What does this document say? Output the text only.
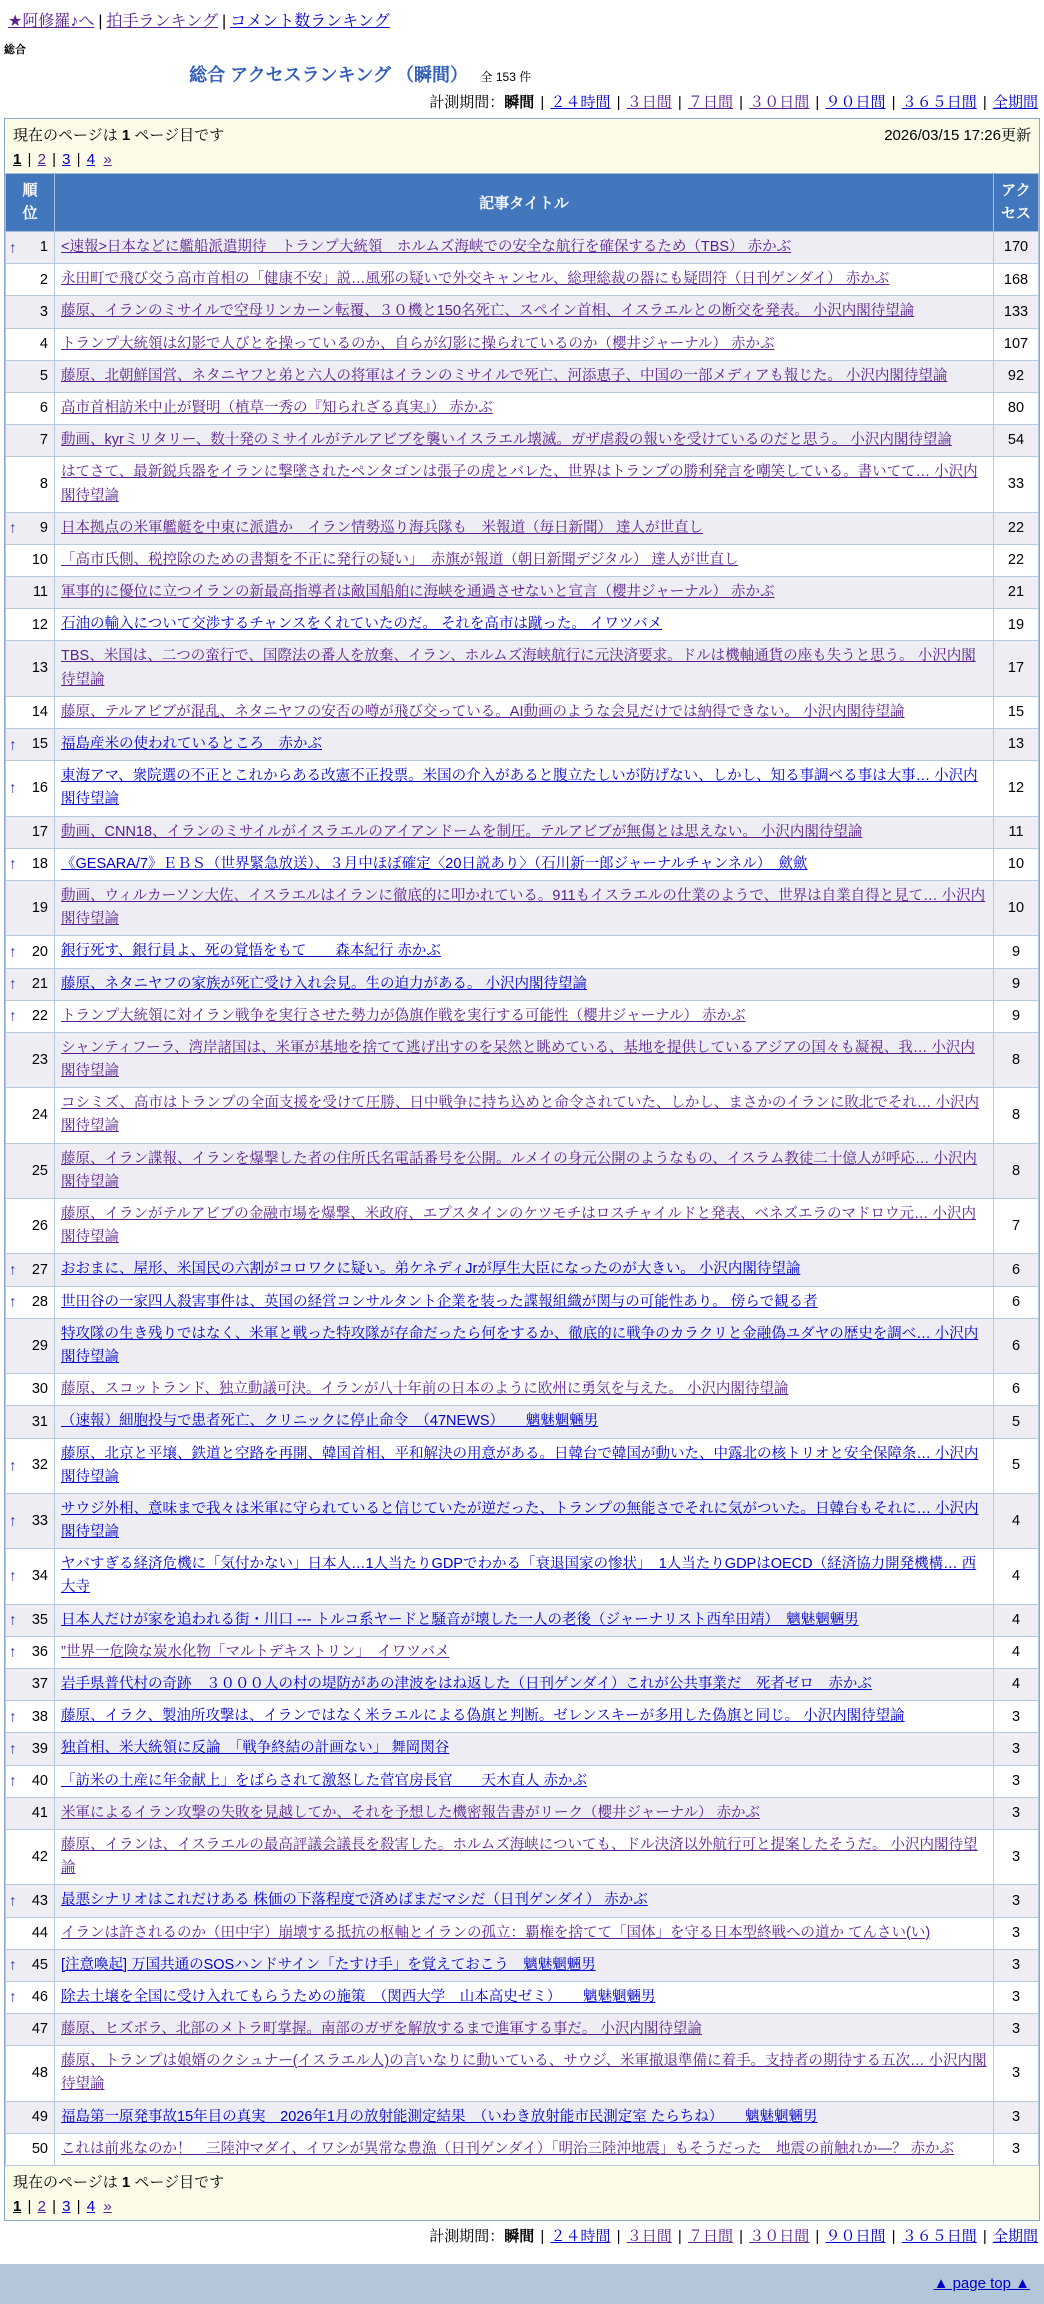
★阿修羅♪へ | 拍手ランキング | コメント数ランキング
総合
総合 アクセスランキング （瞬間） 全 153 件
計測期間：瞬間 | ２４時間 | ３日間 | ７日間 | ３０日間 | ９０日間 | ３６５日間 | 全期間
現在のページは 1 ページ目です	2026/03/15 17:26更新
1 | 2 | 3 | 4 »
順位	記事タイトル	アクセス

↑ 1	<速報>日本などに艦船派遣期待　トランプ大統領　ホルムズ海峡での安全な航行を確保するため（TBS） 赤かぶ	170
2	永田町で飛び交う高市首相の「健康不安」説…風邪の疑いで外交キャンセル、総理総裁の器にも疑問符（日刊ゲンダイ） 赤かぶ	168
3	藤原、イランのミサイルで空母リンカーン転覆、３０機と150名死亡、スペイン首相、イスラエルとの断交を発表。 小沢内閣待望論	133
4	トランプ大統領は幻影で人びとを操っているのか、自らが幻影に操られているのか（櫻井ジャーナル） 赤かぶ	107
5	藤原、北朝鮮国営、ネタニヤフと弟と六人の将軍はイランのミサイルで死亡、河添恵子、中国の一部メディアも報じた。 小沢内閣待望論	92
6	高市首相訪米中止が賢明（植草一秀の『知られざる真実』） 赤かぶ	80
7	動画、kyrミリタリー、数十発のミサイルがテルアビブを襲いイスラエル壊滅。ガザ虐殺の報いを受けているのだと思う。 小沢内閣待望論	54
8	はてさて、最新鋭兵器をイランに撃墜されたペンタゴンは張子の虎とバレた、世界はトランプの勝利発言を嘲笑している。書いてて… 小沢内閣待望論	33

↑ 9	日本拠点の米軍艦艇を中東に派遣か　イラン情勢巡り海兵隊も　米報道（毎日新聞） 達人が世直し	22
10	「高市氏側、税控除のための書類を不正に発行の疑い」　赤旗が報道（朝日新聞デジタル） 達人が世直し	22
11	軍事的に優位に立つイランの新最高指導者は敵国船舶に海峡を通過させないと宣言（櫻井ジャーナル） 赤かぶ	21
12	石油の輸入について交渉するチャンスをくれていたのだ。 それを高市は蹴った。 イワツバメ	19
13	TBS、米国は、二つの蛮行で、国際法の番人を放棄、イラン、ホルムズ海峡航行に元決済要求。ドルは機軸通貨の座も失うと思う。 小沢内閣待望論	17
14	藤原、テルアビブが混乱、ネタニヤフの安否の噂が飛び交っている。AI動画のような会見だけでは納得できない。 小沢内閣待望論	15

↑ 15	福島産米の使われているところ　赤かぶ	13

↑ 16	東海アマ、衆院選の不正とこれからある改憲不正投票。米国の介入があると腹立たしいが防げない、しかし、知る事調べる事は大事… 小沢内閣待望論	12
17	動画、CNN18、イランのミサイルがイスラエルのアイアンドームを制圧。テルアビブが無傷とは思えない。 小沢内閣待望論	11

↑ 18	《GESARA/7》ＥＢＳ（世界緊急放送）、３月中ほぼ確定〈20日説あり〉（石川新一郎ジャーナルチャンネル）　歛歛	10
19	動画、ウィルカーソン大佐、イスラエルはイランに徹底的に叩かれている。911もイスラエルの仕業のようで、世界は自業自得と見て… 小沢内閣待望論	10

↑ 20	銀行死す、銀行員よ、死の覚悟をもて　　森本紀行 赤かぶ	9

↑ 21	藤原、ネタニヤフの家族が死亡受け入れ会見。生の迫力がある。 小沢内閣待望論	9

↑ 22	トランプ大統領に対イラン戦争を実行させた勢力が偽旗作戦を実行する可能性（櫻井ジャーナル） 赤かぶ	9
23	シャンティフーラ、湾岸諸国は、米軍が基地を捨てて逃げ出すのを呆然と眺めている、基地を提供しているアジアの国々も凝視、我… 小沢内閣待望論	8
24	コシミズ、高市はトランプの全面支援を受けて圧勝、日中戦争に持ち込めと命令されていた、しかし、まさかのイランに敗北でそれ… 小沢内閣待望論	8
25	藤原、イラン諜報、イランを爆撃した者の住所氏名電話番号を公開。ルメイの身元公開のようなもの、イスラム教徒二十億人が呼応… 小沢内閣待望論	8
26	藤原、イランがテルアビブの金融市場を爆撃、米政府、エプスタインのケツモチはロスチャイルドと発表、ベネズエラのマドロウ元… 小沢内閣待望論	7

↑ 27	おおまに、屋形、米国民の六割がコロワクに疑い。弟ケネディJrが厚生大臣になったのが大きい。 小沢内閣待望論	6

↑ 28	世田谷の一家四人殺害事件は、英国の経営コンサルタント企業を装った諜報組織が関与の可能性あり。 傍らで観る者	6
29	特攻隊の生き残りではなく、米軍と戦った特攻隊が存命だったら何をするか、徹底的に戦争のカラクリと金融偽ユダヤの歴史を調べ… 小沢内閣待望論	6
30	藤原、スコットランド、独立動議可決。イランが八十年前の日本のように欧州に勇気を与えた。 小沢内閣待望論	6
31	（速報）細胞投与で患者死亡、クリニックに停止命令　（47NEWS）　　魑魅魍魎男	5

↑ 32	藤原、北京と平壌、鉄道と空路を再開、韓国首相、平和解決の用意がある。日韓台で韓国が動いた、中露北の核トリオと安全保障条… 小沢内閣待望論	5

↑ 33	サウジ外相、意味まで我々は米軍に守られていると信じていたが逆だった、トランプの無能さでそれに気がついた。日韓台もそれに… 小沢内閣待望論	4

↑ 34	ヤバすぎる経済危機に「気付かない」日本人…1人当たりGDPでわかる「衰退国家の惨状」　1人当たりGDPはOECD（経済協力開発機構… 西大寺	4

↑ 35	日本人だけが家を追われる街・川口 --- トルコ系ヤードと騒音が壊した一人の老後（ジャーナリスト西牟田靖）　魑魅魍魎男	4

↑ 36	”世界一危険な炭水化物「マルトデキストリン」　イワツバメ	4
37	岩手県普代村の奇跡　３０００人の村の堤防があの津波をはね返した（日刊ゲンダイ）これが公共事業だ　死者ゼロ　赤かぶ	4

↑ 38	藤原、イラク、製油所攻撃は、イランではなく米ラエルによる偽旗と判断。ゼレンスキーが多用した偽旗と同じ。 小沢内閣待望論	3

↑ 39	独首相、米大統領に反論　「戦争終結の計画ない」 舞岡関谷	3

↑ 40	「訪米の土産に年金献上」をばらされて激怒した菅官房長官　　天木直人 赤かぶ	3
41	米軍によるイラン攻撃の失敗を見越してか、それを予想した機密報告書がリーク（櫻井ジャーナル） 赤かぶ	3
42	藤原、イランは、イスラエルの最高評議会議長を殺害した。ホルムズ海峡についても、ドル決済以外航行可と提案したそうだ。 小沢内閣待望論	3

↑ 43	最悪シナリオはこれだけある 株価の下落程度で済めばまだマシだ（日刊ゲンダイ） 赤かぶ	3
44	イランは許されるのか（田中宇）崩壊する抵抗の枢軸とイランの孤立：覇権を捨てて「国体」を守る日本型終戦への道か てんさい(い)	3

↑ 45	[注意喚起] 万国共通のSOSハンドサイン「たすけ手」を覚えておこう　魑魅魍魎男	3

↑ 46	除去土壌を全国に受け入れてもらうための施策　（関西大学　山本高史ゼミ）　　魑魅魍魎男	3
47	藤原、ヒズボラ、北部のメトラ町掌握。南部のガザを解放するまで進軍する事だ。 小沢内閣待望論	3
48	藤原、トランプは娘婿のクシュナー(イスラエル人)の言いなりに動いている、サウジ、米軍撤退準備に着手。支持者の期待する五次… 小沢内閣待望論	3
49	福島第一原発事故15年目の真実　2026年1月の放射能測定結果　（いわき放射能市民測定室 たらちね）　　魑魅魍魎男	3
50	これは前兆なのか！　三陸沖マダイ、イワシが異常な豊漁（日刊ゲンダイ）「明治三陸沖地震」もそうだった　地震の前触れか―？ 赤かぶ	3
現在のページは 1 ページ目です
1 | 2 | 3 | 4 »
計測期間：瞬間 | ２４時間 | ３日間 | ７日間 | ３０日間 | ９０日間 | ３６５日間 | 全期間
▲ page top ▲
